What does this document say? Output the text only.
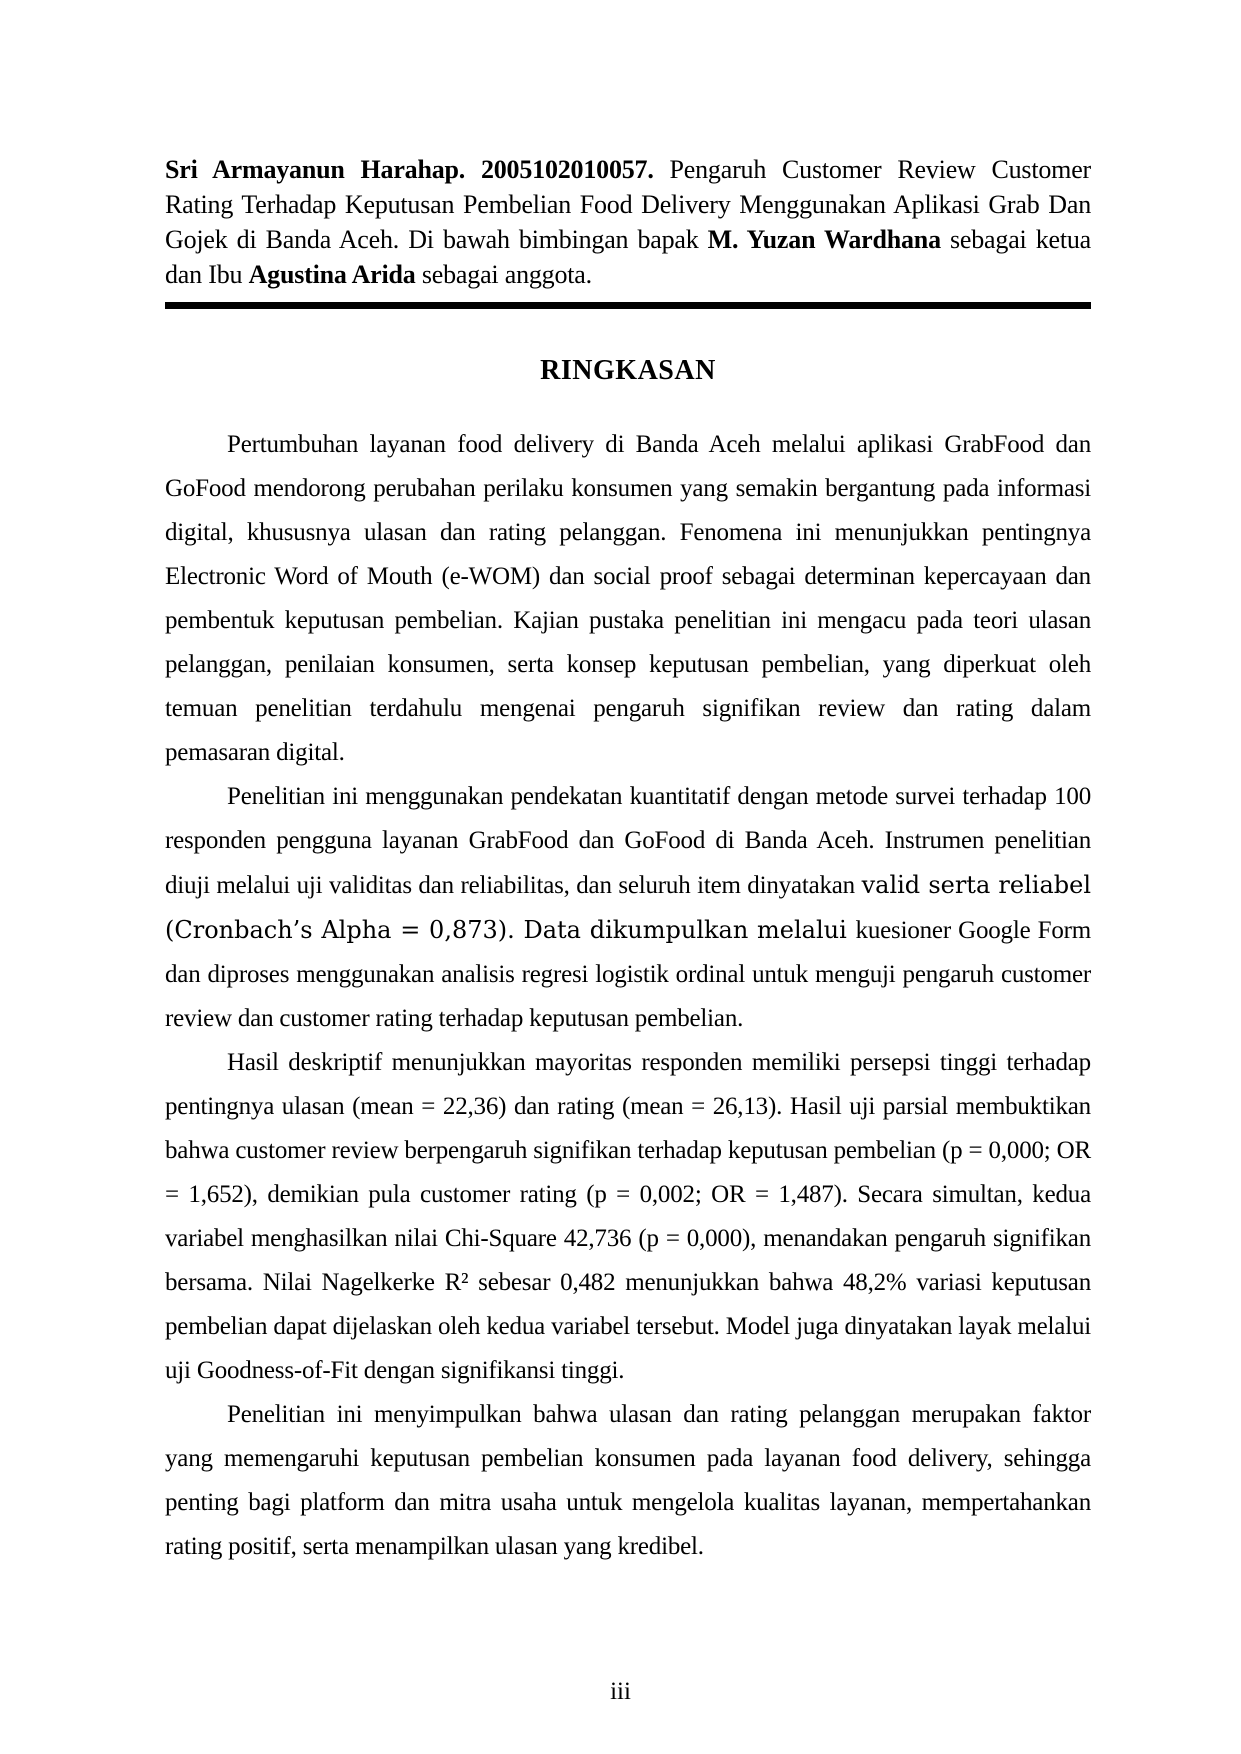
Sri Armayanun Harahap. 2005102010057. Pengaruh Customer Review Customer Rating Terhadap Keputusan Pembelian Food Delivery Menggunakan Aplikasi Grab Dan Gojek di Banda Aceh. Di bawah bimbingan bapak M. Yuzan Wardhana sebagai ketua dan Ibu Agustina Arida sebagai anggota.

RINGKASAN

Pertumbuhan layanan food delivery di Banda Aceh melalui aplikasi GrabFood dan GoFood mendorong perubahan perilaku konsumen yang semakin bergantung pada informasi digital, khususnya ulasan dan rating pelanggan. Fenomena ini menunjukkan pentingnya Electronic Word of Mouth (e-WOM) dan social proof sebagai determinan kepercayaan dan pembentuk keputusan pembelian. Kajian pustaka penelitian ini mengacu pada teori ulasan pelanggan, penilaian konsumen, serta konsep keputusan pembelian, yang diperkuat oleh temuan penelitian terdahulu mengenai pengaruh signifikan review dan rating dalam pemasaran digital.

Penelitian ini menggunakan pendekatan kuantitatif dengan metode survei terhadap 100 responden pengguna layanan GrabFood dan GoFood di Banda Aceh. Instrumen penelitian diuji melalui uji validitas dan reliabilitas, dan seluruh item dinyatakan valid serta reliabel (Cronbach’s Alpha = 0,873). Data dikumpulkan melalui kuesioner Google Form dan diproses menggunakan analisis regresi logistik ordinal untuk menguji pengaruh customer review dan customer rating terhadap keputusan pembelian.

Hasil deskriptif menunjukkan mayoritas responden memiliki persepsi tinggi terhadap pentingnya ulasan (mean = 22,36) dan rating (mean = 26,13). Hasil uji parsial membuktikan bahwa customer review berpengaruh signifikan terhadap keputusan pembelian (p = 0,000; OR = 1,652), demikian pula customer rating (p = 0,002; OR = 1,487). Secara simultan, kedua variabel menghasilkan nilai Chi-Square 42,736 (p = 0,000), menandakan pengaruh signifikan bersama. Nilai Nagelkerke R² sebesar 0,482 menunjukkan bahwa 48,2% variasi keputusan pembelian dapat dijelaskan oleh kedua variabel tersebut. Model juga dinyatakan layak melalui uji Goodness-of-Fit dengan signifikansi tinggi.

Penelitian ini menyimpulkan bahwa ulasan dan rating pelanggan merupakan faktor yang memengaruhi keputusan pembelian konsumen pada layanan food delivery, sehingga penting bagi platform dan mitra usaha untuk mengelola kualitas layanan, mempertahankan rating positif, serta menampilkan ulasan yang kredibel.

iii
